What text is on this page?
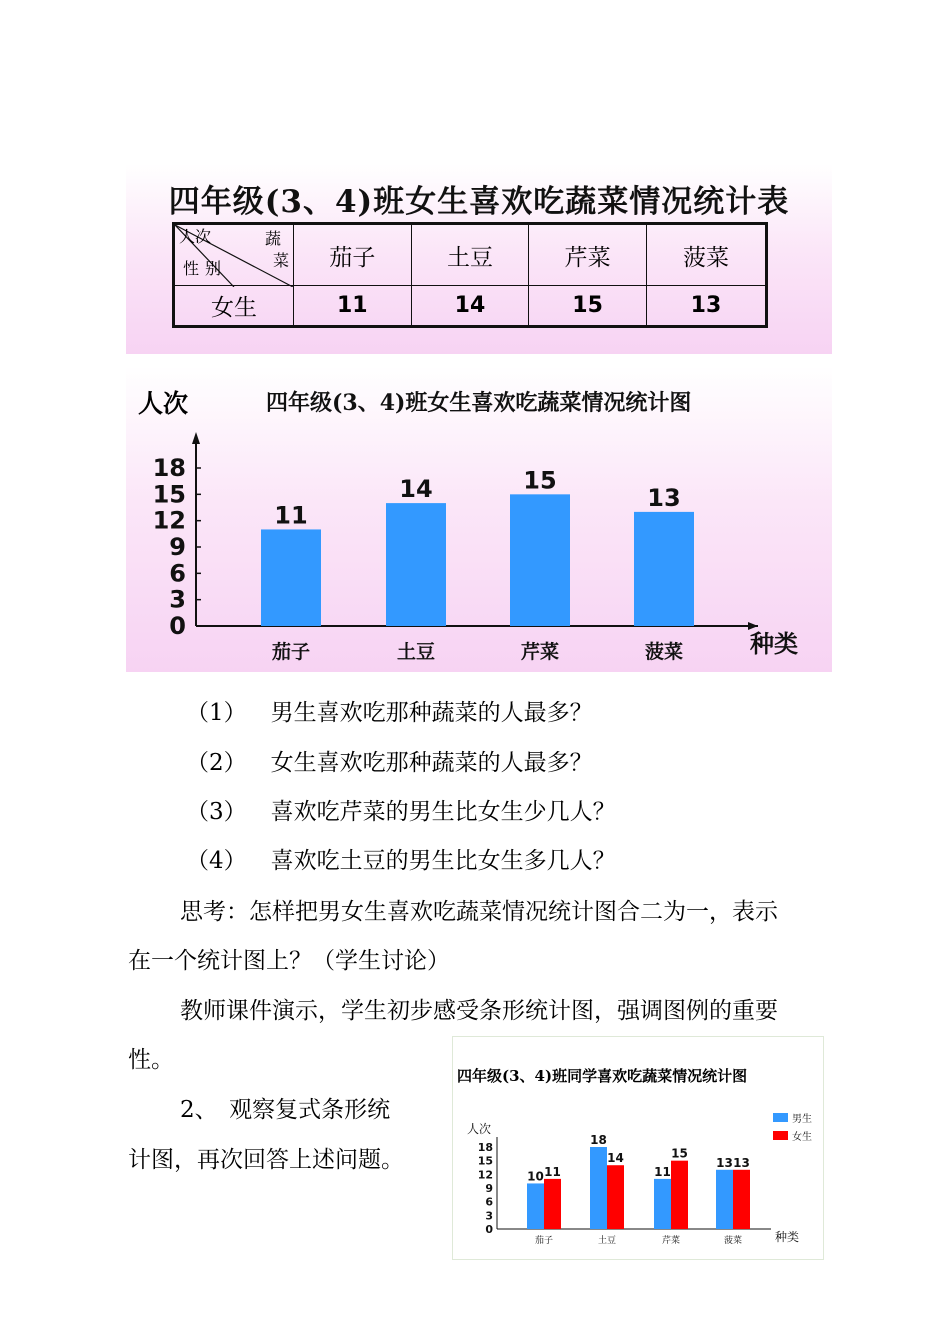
四年级(3、4)班女生喜欢吃蔬菜情况统计表
人次
性别
蔬
菜	茄子	土豆	芹菜	菠菜
女生	11	14	15	13
人次	四年级(3、4)班女生喜欢吃蔬菜情况统计图
0
3
6
9
12
15
18
11
茄子
14
土豆
15
芹菜
13
菠菜	种类
（1） 男生喜欢吃那种蔬菜的人最多？
（2） 女生喜欢吃那种蔬菜的人最多？
（3） 喜欢吃芹菜的男生比女生少几人？
（4） 喜欢吃土豆的男生比女生多几人？
思考：怎样把男女生喜欢吃蔬菜情况统计图合二为一，表示
在一个统计图上？（学生讨论）
教师课件演示，学生初步感受条形统计图，强调图例的重要
性。
2、　观察复式条形统
计图，再次回答上述问题。
四年级(3、4)班同学喜欢吃蔬菜情况统计图
人次
0
3
6
9
12
15
18
10 11
茄子
18
14
土豆
11
15
芹菜
13 13
菠菜	种类
男生
女生
